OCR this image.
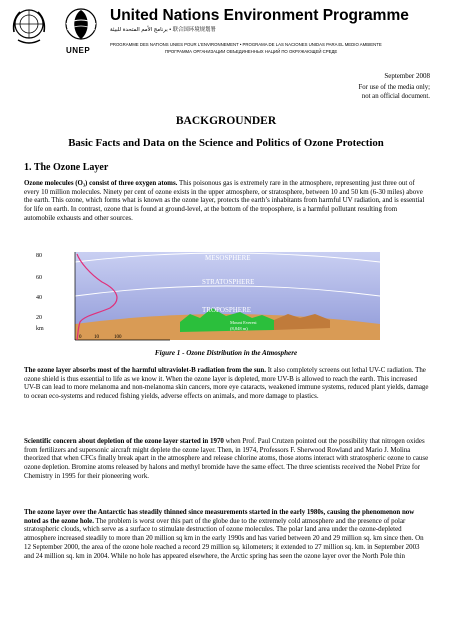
UNEP
United Nations Environment Programme
برنامج الأمم المتحدة للبيئة • 联合国环境规划署
PROGRAMME DES NATIONS UNIES POUR L'ENVIRONNEMENT • PROGRAMA DE LAS NACIONES UNIDAS PARA EL MEDIO AMBIENTE
ПРОГРАММА ОРГАНИЗАЦИИ ОБЪЕДИНЕННЫХ НАЦИЙ ПО ОКРУЖАЮЩЕЙ СРЕДЕ
September 2008
For use of the media only;
not an official document.
BACKGROUNDER
Basic Facts and Data on the Science and Politics of Ozone Protection
1. The Ozone Layer
Ozone molecules (O₃) consist of three oxygen atoms. This poisonous gas is extremely rare in the atmosphere, representing just three out of every 10 million molecules. Ninety per cent of ozone exists in the upper atmosphere, or stratosphere, between 10 and 50 km (6-30 miles) above the earth. This ozone, which forms what is known as the ozone layer, protects the earth’s inhabitants from harmful UV radiation, and is essential for life on earth. In contrast, ozone that is found at ground-level, at the bottom of the troposphere, is a harmful pollutant resulting from automobile exhausts and other sources.
80
60
40
20
km
0	10	100
MESOSPHERE
STRATOSPHERE
TROPOSPHERE
Mount Everest
(8,848 m)
Figure 1 - Ozone Distribution in the Atmosphere
The ozone layer absorbs most of the harmful ultraviolet-B radiation from the sun. It also completely screens out lethal UV-C radiation. The ozone shield is thus essential to life as we know it. When the ozone layer is depleted, more UV-B is allowed to reach the earth. This increased UV-B can lead to more melanoma and non-melanoma skin cancers, more eye cataracts, weakened immune systems, reduced plant yields, damage to ocean eco-systems and reduced fishing yields, adverse effects on animals, and more damage to plastics.
Scientific concern about depletion of the ozone layer started in 1970 when Prof. Paul Crutzen pointed out the possibility that nitrogen oxides from fertilizers and supersonic aircraft might deplete the ozone layer. Then, in 1974, Professors F. Sherwood Rowland and Mario J. Molina theorized that when CFCs finally break apart in the atmosphere and release chlorine atoms, those atoms interact with stratospheric ozone to cause ozone depletion. Bromine atoms released by halons and methyl bromide have the same effect. The three scientists received the Nobel Prize for Chemistry in 1995 for their pioneering work.
The ozone layer over the Antarctic has steadily thinned since measurements started in the early 1980s, causing the phenomenon now noted as the ozone hole. The problem is worst over this part of the globe due to the extremely cold atmosphere and the presence of polar stratospheric clouds, which serve as a surface to stimulate destruction of ozone molecules. The polar land area under the ozone-depleted atmosphere increased steadily to more than 20 million sq km in the early 1990s and has varied between 20 and 29 million sq. km since then. On 12 September 2000, the area of the ozone hole reached a record 29 million sq. kilometers; it extended to 27 million sq. km. in September 2003 and 24 million sq. km in 2004. While no hole has appeared elsewhere, the Arctic spring has seen the ozone layer over the North Pole thin
